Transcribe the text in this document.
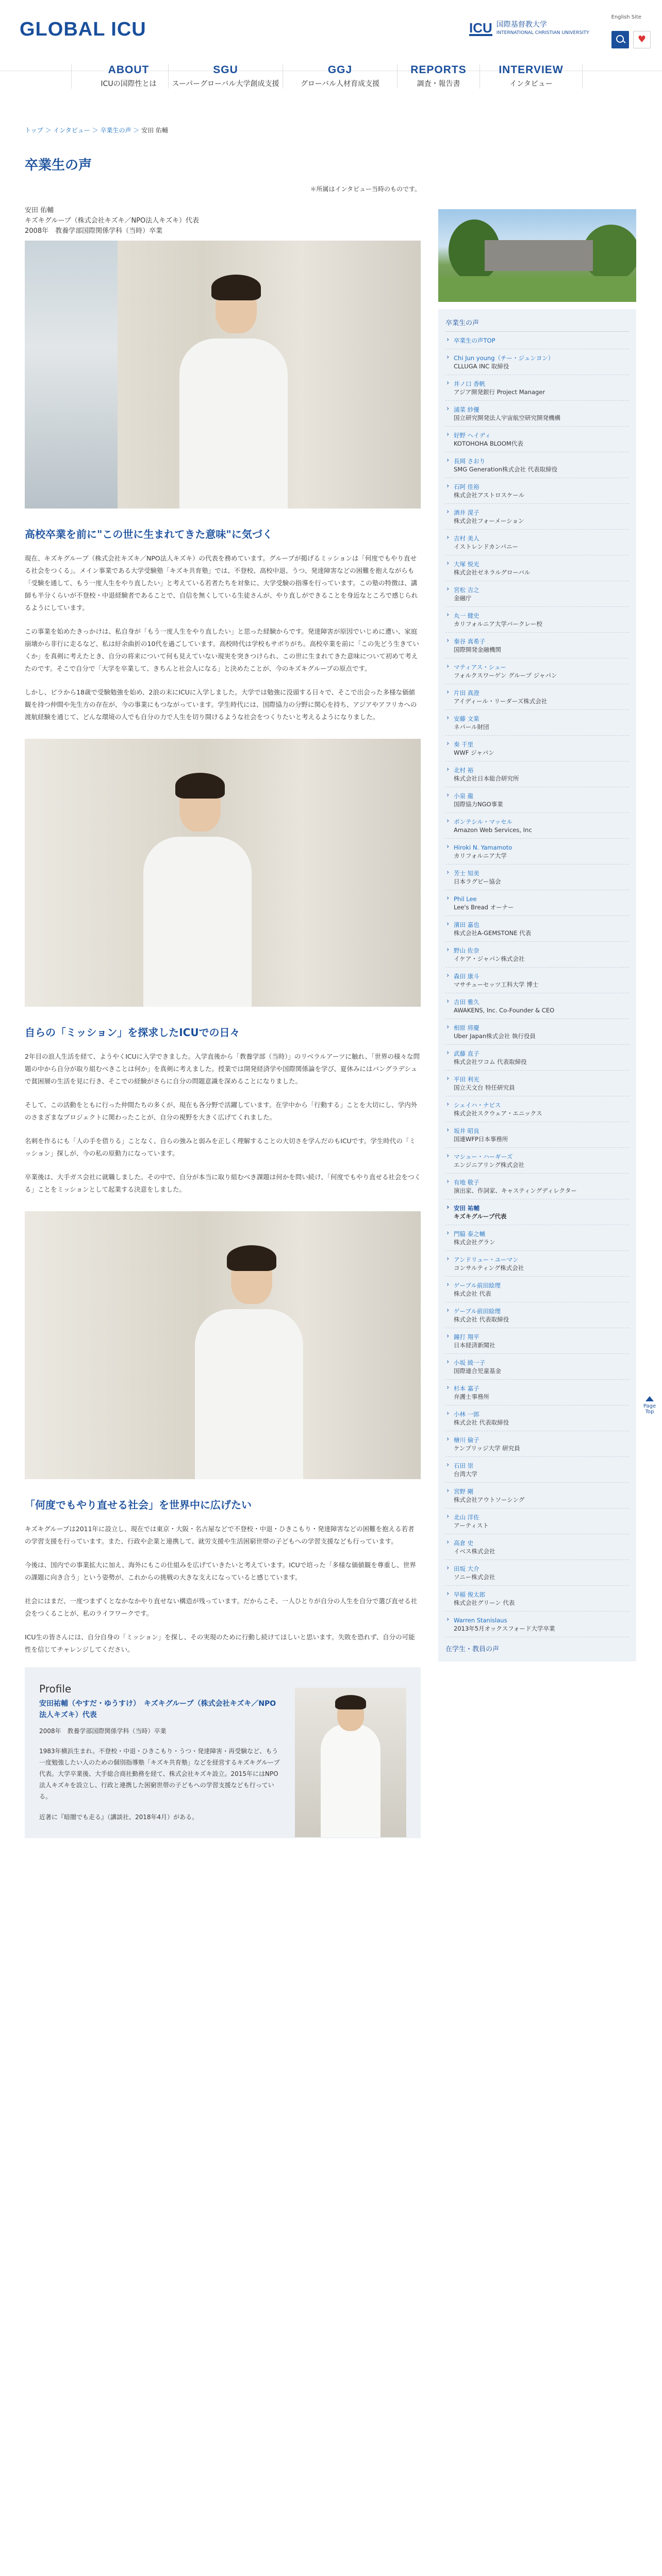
GLOBAL ICU	ICU 国際基督教大学
INTERNATIONAL CHRISTIAN UNIVERSITY
English Site
♥
ABOUT
ICUの国際性とは
SGU
スーパーグローバル大学創成支援
GGJ
グローバル人材育成支援
REPORTS
調査・報告書
INTERVIEW
インタビュー
トップ ＞ インタビュー ＞ 卒業生の声 ＞ 安田 佑輔
卒業生の声
＊所属はインタビュー当時のものです。
安田 佑輔
キズキグループ（株式会社キズキ／NPO法人キズキ）代表
2008年　教養学部国際関係学科（当時）卒業
高校卒業を前に"この世に生まれてきた意味"に気づく

現在、キズキグループ（株式会社キズキ／NPO法人キズキ）の代表を務めています。グループが掲げるミッションは「何度でもやり直せる社会をつくる」。メイン事業である大学受験塾「キズキ共育塾」では、不登校、高校中退、うつ、発達障害などの困難を抱えながらも「受験を通して、もう一度人生をやり直したい」と考えている若者たちを対象に、大学受験の指導を行っています。この塾の特徴は、講師も半分くらいが不登校・中退経験者であることで、自信を無くしている生徒さんが、やり直しができることを身近なところで感じられるようにしています。

この事業を始めたきっかけは、私自身が「もう一度人生をやり直したい」と思った経験からです。発達障害が原因でいじめに遭い、家庭崩壊から非行に走るなど、私は紆余曲折の10代を過ごしています。高校時代は学校もサボりがち。高校卒業を前に「この先どう生きていくか」を真剣に考えたとき、自分の将来について何も見えていない現実を突きつけられ、この世に生まれてきた意味について初めて考えたのです。そこで自分で「大学を卒業して、きちんと社会人になる」と決めたことが、今のキズキグループの原点です。

しかし、ビラから18歳で受験勉強を始め、2浪の末にICUに入学しました。大学では勉強に没頭する日々で、そこで出会った多様な価値観を持つ仲間や先生方の存在が、今の事業にもつながっています。学生時代には、国際協力の分野に関心を持ち、アジアやアフリカへの渡航経験を通じて、どんな環境の人でも自分の力で人生を切り開けるような社会をつくりたいと考えるようになりました。

自らの「ミッション」を探求したICUでの日々

2年目の浪人生活を経て、ようやくICUに入学できました。入学直後から「教養学部（当時）」のリベラルアーツに触れ、「世界の様々な問題の中から自分が取り組むべきことは何か」を真剣に考えました。授業では開発経済学や国際関係論を学び、夏休みにはバングラデシュで貧困層の生活を見に行き、そこでの経験がさらに自分の問題意識を深めることになりました。

そして、この活動をともに行った仲間たちの多くが、現在も各分野で活躍しています。在学中から「行動する」ことを大切にし、学内外のさまざまなプロジェクトに関わったことが、自分の視野を大きく広げてくれました。

名刺を作るにも「人の手を借りる」ことなく、自らの強みと弱みを正しく理解することの大切さを学んだのもICUです。学生時代の「ミッション」探しが、今の私の原動力になっています。

卒業後は、大手ガス会社に就職しました。その中で、自分が本当に取り組むべき課題は何かを問い続け、「何度でもやり直せる社会をつくる」ことをミッションとして起業する決意をしました。

「何度でもやり直せる社会」を世界中に広げたい

キズキグループは2011年に設立し、現在では東京・大阪・名古屋などで不登校・中退・ひきこもり・発達障害などの困難を抱える若者の学習支援を行っています。また、行政や企業と連携して、就労支援や生活困窮世帯の子どもへの学習支援なども行っています。

今後は、国内での事業拡大に加え、海外にもこの仕組みを広げていきたいと考えています。ICUで培った「多様な価値観を尊重し、世界の課題に向き合う」という姿勢が、これからの挑戦の大きな支えになっていると感じています。

社会にはまだ、一度つまずくとなかなかやり直せない構造が残っています。だからこそ、一人ひとりが自分の人生を自分で選び直せる社会をつくることが、私のライフワークです。

ICU生の皆さんには、自分自身の「ミッション」を探し、その実現のために行動し続けてほしいと思います。失敗を恐れず、自分の可能性を信じてチャレンジしてください。

Profile
安田祐輔（やすだ・ゆうすけ）　キズキグループ（株式会社キズキ／NPO法人キズキ）代表
2008年　教養学部国際関係学科（当時）卒業
1983年横浜生まれ。不登校・中退・ひきこもり・うつ・発達障害・再受験など、もう一度勉強したい人のための個別指導塾「キズキ共育塾」などを経営するキズキグループ代表。大学卒業後、大手総合商社勤務を経て、株式会社キズキ設立。2015年にはNPO法人キズキを設立し、行政と連携した困窮世帯の子どもへの学習支援なども行っている。
近著に『暗闇でも走る』（講談社、2018年4月）がある。
卒業生の声
› 卒業生の声TOP
› Chi Jun young（チー・ジュンヨン）
CLLUGA INC 取締役
› 井ノ口 香帆
アジア開発銀行 Project Manager
› 浦菜 紗優
国立研究開発法人宇宙航空研究開発機構
› 好野 ヘイディ
KOTOHOHA BLOOM代表
› 長岡 さおり
SMG Generation株式会社 代表取締役
› 石阿 佳裕
株式会社アストロスケール
› 酒井 滉子
株式会社フォーメーション
› 吉村 美人
イストレンドカンパニー
› 大塚 悦光
株式会社ゼネラルグローバル
› 宮松 吉之
金融庁
› 丸一 健史
カリフォルニア大学バークレー校
› 秦谷 真希子
国際開発金融機関
› マティアス・シュー
フォルクスワーゲン グループ ジャパン
› 片田 真澄
アイディール・リーダーズ株式会社
› 安藤 文楽
ネパール財団
› 奏 千里
WWF ジャパン
› 北村 裕
株式会社日本総合研究所
› 小泉 龍
国際協力NGO事業
› ボンテシル・マッセル
Amazon Web Services, Inc
› Hiroki N. Yamamoto
カリフォルニア大学
› 芳士 知美
日本ラグビー協会
› Phil Lee
Lee's Bread オーナー
› 濱田 嘉也
株式会社A-GEMSTONE 代表
› 野山 佐奈
イケア・ジャパン株式会社
› 森田 康斗
マサチューセッツ工科大学 博士
› 吉田 雅久
AWAKENS, Inc. Co-Founder & CEO
› 相原 将慶
Uber Japan株式会社 執行役員
› 武藤 直子
株式会社ワコム 代表取締役
› 平田 利光
国立天文台 特任研究員
› シェイハ・ナビス
株式会社スクウェア・エニックス
› 坂井 昭良
国連WFP日本事務所
› マシュー・ハーギーズ
エンジニアリング株式会社
› 有地 敬子
演出家、作詞家、キャスティングディレクター
› 安田 祐輔
キズキグループ代表
› 門脇 泰之輔
株式会社グラン
› アンドリュー・ユーマン
コンサルティング株式会社
› ゲーブル前田絵理
株式会社 代表
› ゲーブル前田絵理
株式会社 代表取締役
› 鐘打 翔平
日本経済新聞社
› 小坂 綾一子
国際連合児童基金
› 杉本 嘉子
弁護士事務所
› 小林 一郎
株式会社 代表取締役
› 檜川 倫子
ケンブリッジ大学 研究員
› 石田 崇
台湾大学
› 宮野 剛
株式会社アウトソーシング
› 北山 洋佐
アーティスト
› 高倉 史
イベス株式会社
› 田坂 大介
ソニー株式会社
› 早稲 俊太郎
株式会社グリーン 代表
› Warren Stanislaus
2013年5月オックスフォード大学卒業
在学生・教員の声
Page Top
